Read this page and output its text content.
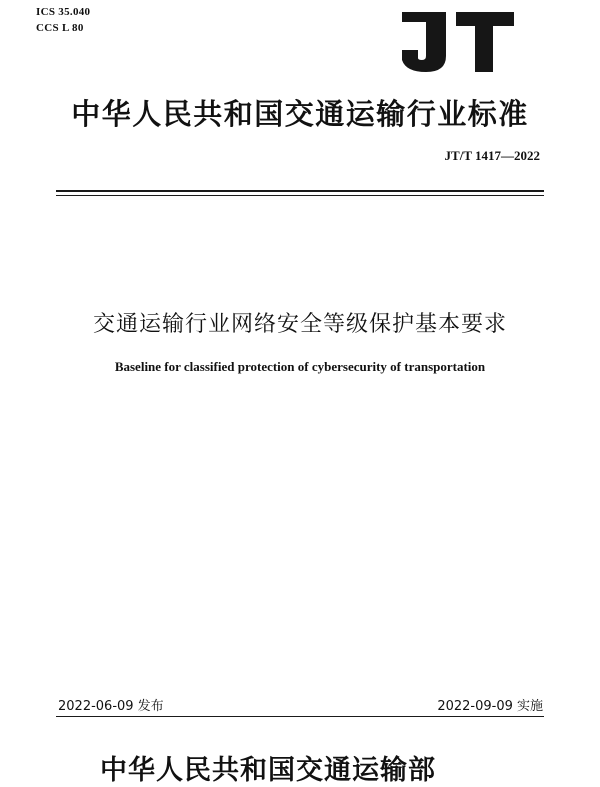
ICS 35.040
CCS L 80
中华人民共和国交通运输行业标准
JT/T 1417—2022
交通运输行业网络安全等级保护基本要求
Baseline for classified protection of cybersecurity of transportation
2022-06-09 发布	2022-09-09 实施
中华人民共和国交通运输部
